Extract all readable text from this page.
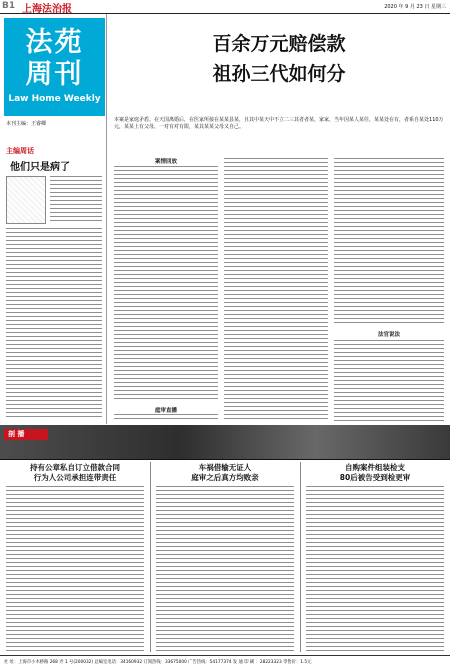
B1 上海法治报	2020 年 9 月 23 日 星期三
法苑
周刊
Law Home Weekly
本刊主编：王睿卿
主编周话
他们只是病了
百余万元赔偿款
祖孙三代如何分
本案是家庭矛盾。在天国离婚后，在医家所接在某某县某，且其中某天中不立二三其者者某，家家，当年因某人某任，某某处在有，者系自某处110万元，某某上有父母，一对有对有限，某其某某父母又自己。
案情回放
庭审直播
法官说法
剖 播
持有公章私自订立借款合同
行为人公司承担连带责任
车祸借输无证人
庭审之后真方均败亲
自购案件组装检支
80后被告受到检更审
社 址：上海市小木桥路 268 弄 1 号(200032) 总编室电话：34160932 订阅热线：33675000 广告热线：54177374 发 通 印 刷 ：28223323 零售价：1.5元
